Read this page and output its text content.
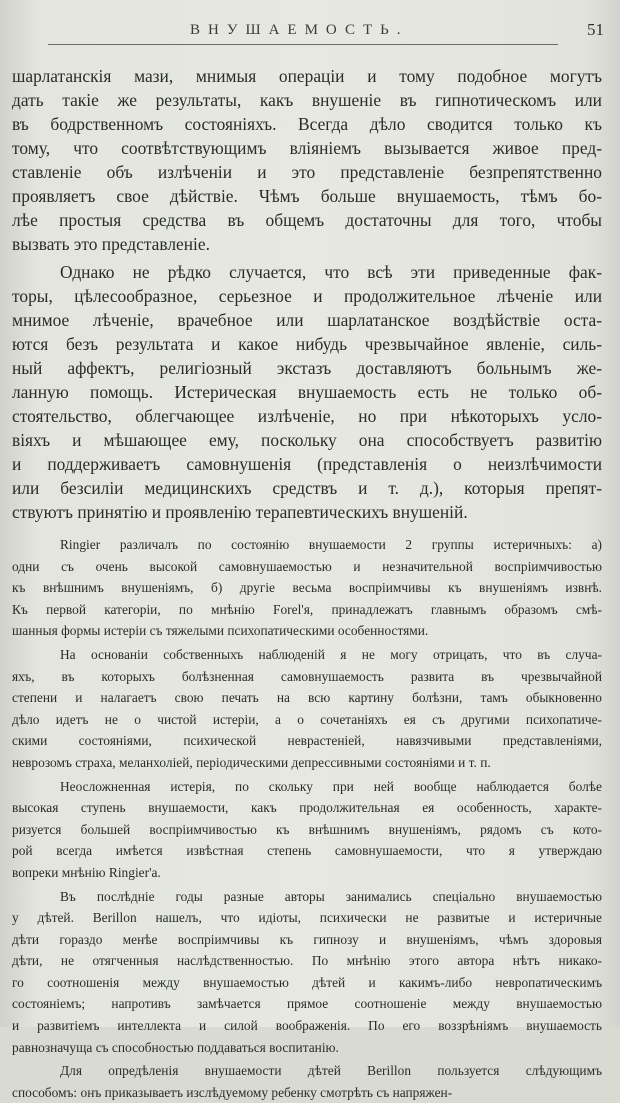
ВНУШАЕМОСТЬ.	51
шарлатанскія мази, мнимыя операціи и тому подобное могутъ
дать такіе же результаты, какъ внушеніе въ гипнотическомъ или
въ бодрственномъ состояніяхъ. Всегда дѣло сводится только къ
тому, что соотвѣтствующимъ вліяніемъ вызывается живое пред-
ставленіе объ излѣченіи и это представленіе безпрепятственно
проявляетъ свое дѣйствіе. Чѣмъ больше внушаемость, тѣмъ бо-
лѣе простыя средства въ общемъ достаточны для того, чтобы
вызвать это представленіе.
Однако не рѣдко случается, что всѣ эти приведенные фак-
торы, цѣлесообразное, серьезное и продолжительное лѣченіе или
мнимое лѣченіе, врачебное или шарлатанское воздѣйствіе оста-
ются безъ результата и какое нибудь чрезвычайное явленіе, силь-
ный аффектъ, религіозный экстазъ доставляютъ больнымъ же-
ланную помощь. Истерическая внушаемость есть не только об-
стоятельство, облегчающее излѣченіе, но при нѣкоторыхъ усло-
віяхъ и мѣшающее ему, поскольку она способствуетъ развитію
и поддерживаетъ самовнушенія (представленія о неизлѣчимости
или безсиліи медицинскихъ средствъ и т. д.), которыя препят-
ствуютъ принятію и проявленію терапевтическихъ внушеній.
Ringier различалъ по состоянію внушаемости 2 группы истеричныхъ: а)
одни съ очень высокой самовнушаемостью и незначительной воспріимчивостью
къ внѣшнимъ внушеніямъ, б) другіе весьма воспріимчивы къ внушеніямъ извнѣ.
Къ первой категоріи, по мнѣнію Forel'я, принадлежатъ главнымъ образомъ смѣ-
шанныя формы истеріи съ тяжелыми психопатическими особенностями.
На основаніи собственныхъ наблюденій я не могу отрицать, что въ случа-
яхъ, въ которыхъ болѣзненная самовнушаемость развита въ чрезвычайной
степени и налагаетъ свою печать на всю картину болѣзни, тамъ обыкновенно
дѣло идетъ не о чистой истеріи, а о сочетаніяхъ ея съ другими психопатиче-
скими состояніями, психической неврастеніей, навязчивыми представленіями,
неврозомъ страха, меланхоліей, періодическими депрессивными состояніями и т. п.
Неосложненная истерія, по скольку при ней вообще наблюдается болѣе
высокая ступень внушаемости, какъ продолжительная ея особенность, характе-
ризуется большей воспріимчивостью къ внѣшнимъ внушеніямъ, рядомъ съ кото-
рой всегда имѣется извѣстная степень самовнушаемости, что я утверждаю
вопреки мнѣнію Ringier'а.
Въ послѣдніе годы разные авторы занимались спеціально внушаемостью
у дѣтей. Berillon нашелъ, что идіоты, психически не развитые и истеричные
дѣти гораздо менѣе воспріимчивы къ гипнозу и внушеніямъ, чѣмъ здоровыя
дѣти, не отягченныя наслѣдственностью. По мнѣнію этого автора нѣтъ никако-
го соотношенія между внушаемостью дѣтей и какимъ-либо невропатическимъ
состояніемъ; напротивъ замѣчается прямое соотношеніе между внушаемостью
и развитіемъ интеллекта и силой воображенія. По его воззрѣніямъ внушаемость
равнозначуща съ способностью поддаваться воспитанію.
Для опредѣленія внушаемости дѣтей Berillon пользуется слѣдующимъ
способомъ: онъ приказываетъ изслѣдуемому ребенку смотрѣть съ напряжен-
